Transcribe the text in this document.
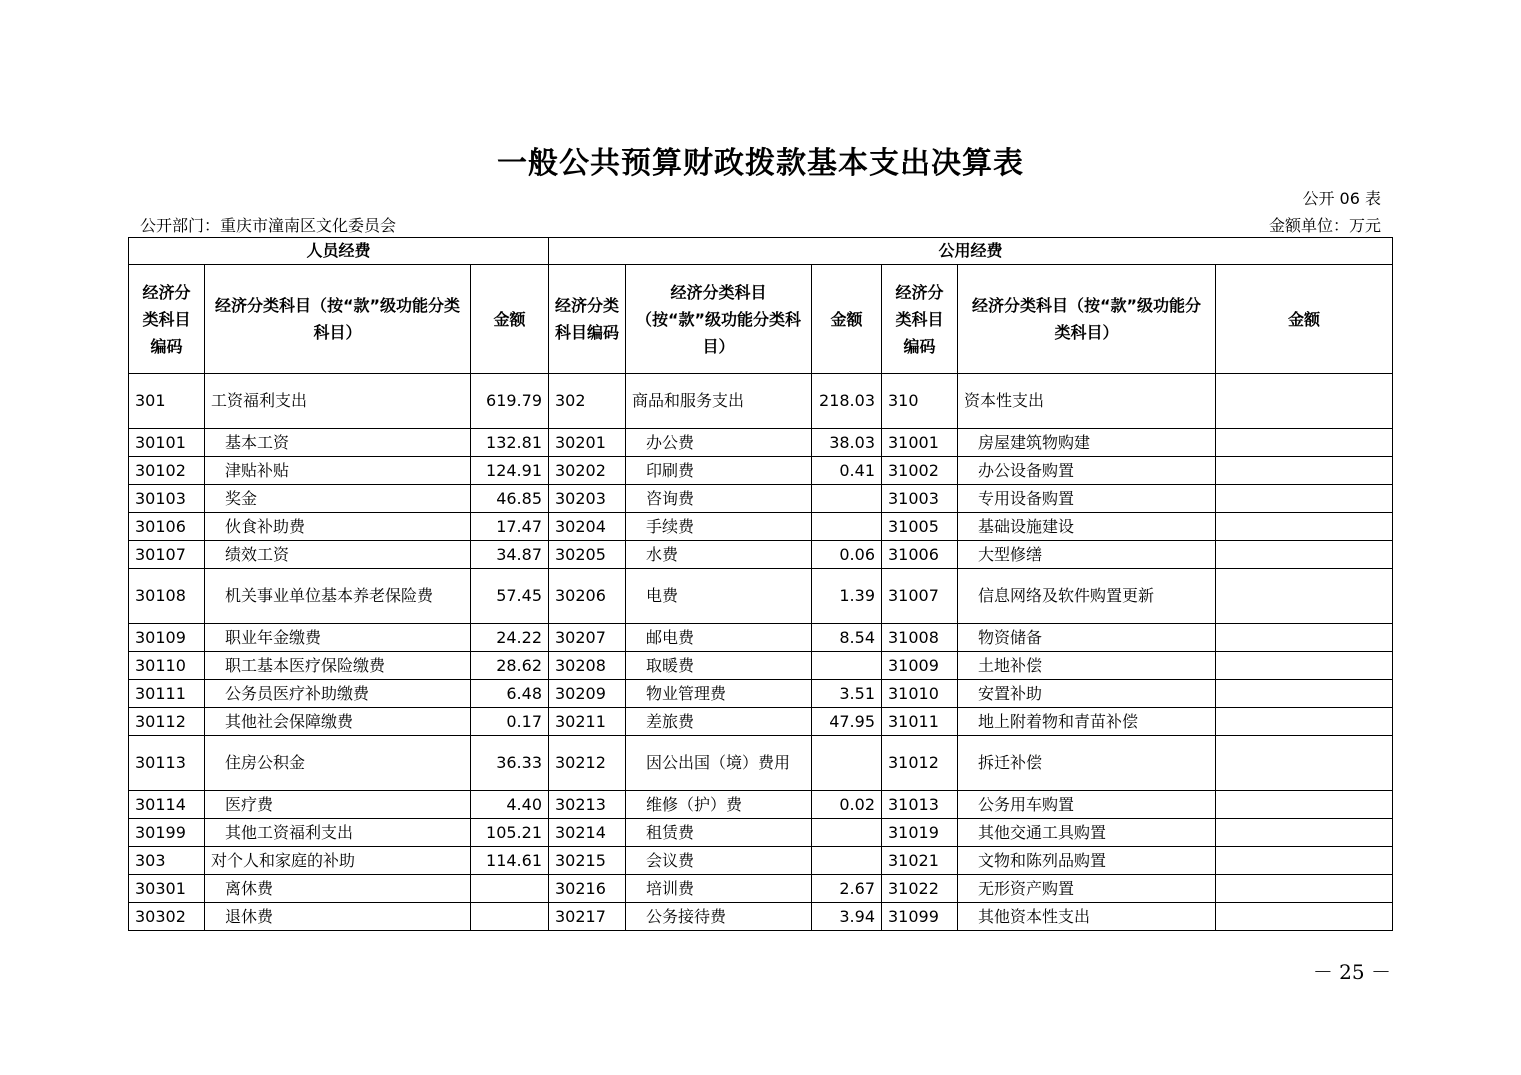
一般公共预算财政拨款基本支出决算表
公开 06 表
公开部门：重庆市潼南区文化委员会	金额单位：万元
人员经费			公用经费					
经济分类科目编码	经济分类科目（按“款”级功能分类科目）	金额	经济分类科目编码	经济分类科目（按“款”级功能分类科目）	金额	经济分类科目编码	经济分类科目（按“款”级功能分类科目）	金额
301	工资福利支出	619.79	302	商品和服务支出	218.03	310	资本性支出	
30101	基本工资	132.81	30201	办公费	38.03	31001	房屋建筑物购建	
30102	津贴补贴	124.91	30202	印刷费	0.41	31002	办公设备购置	
30103	奖金	46.85	30203	咨询费		31003	专用设备购置	
30106	伙食补助费	17.47	30204	手续费		31005	基础设施建设	
30107	绩效工资	34.87	30205	水费	0.06	31006	大型修缮	
30108	机关事业单位基本养老保险费	57.45	30206	电费	1.39	31007	信息网络及软件购置更新	
30109	职业年金缴费	24.22	30207	邮电费	8.54	31008	物资储备	
30110	职工基本医疗保险缴费	28.62	30208	取暖费		31009	土地补偿	
30111	公务员医疗补助缴费	6.48	30209	物业管理费	3.51	31010	安置补助	
30112	其他社会保障缴费	0.17	30211	差旅费	47.95	31011	地上附着物和青苗补偿	
30113	住房公积金	36.33	30212	因公出国（境）费用		31012	拆迁补偿	
30114	医疗费	4.40	30213	维修（护）费	0.02	31013	公务用车购置	
30199	其他工资福利支出	105.21	30214	租赁费		31019	其他交通工具购置	
303	对个人和家庭的补助	114.61	30215	会议费		31021	文物和陈列品购置	
30301	离休费		30216	培训费	2.67	31022	无形资产购置	
30302	退休费		30217	公务接待费	3.94	31099	其他资本性支出	
－ 25 －
